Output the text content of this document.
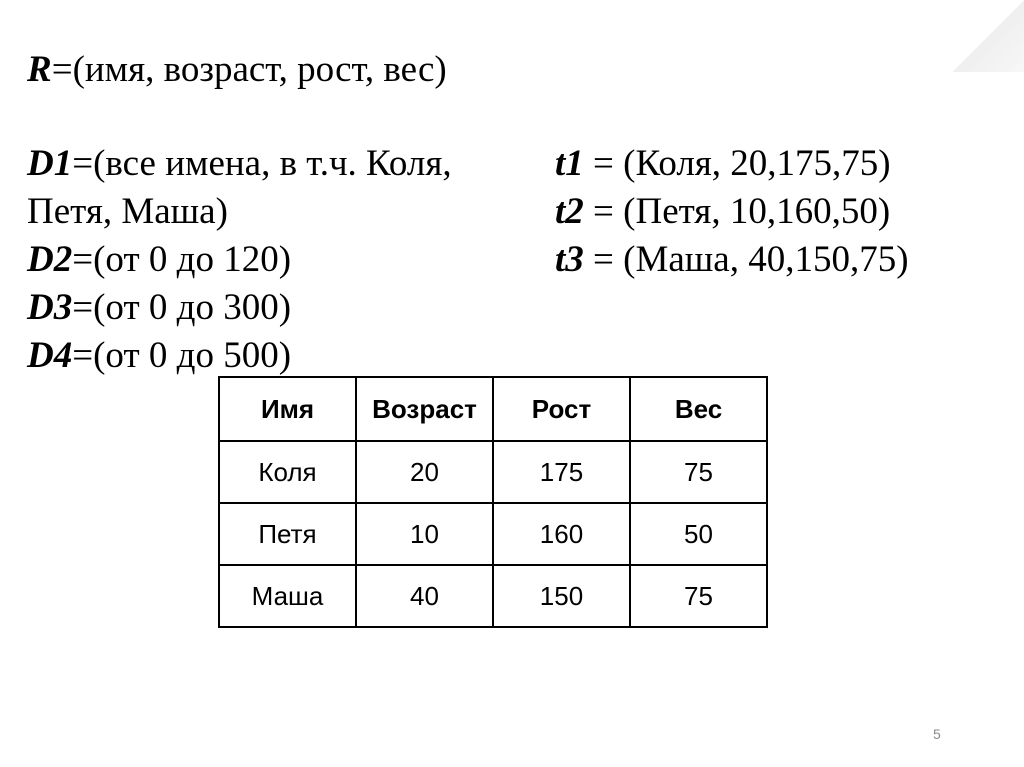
R=(имя, возраст, рост, вес)
D1=(все имена, в т.ч. Коля,
Петя, Маша)
D2=(от 0 до 120)
D3=(от 0 до 300)
D4=(от 0 до 500)
t1 = (Коля, 20,175,75)
t2 = (Петя, 10,160,50)
t3 = (Маша, 40,150,75)
Имя	Возраст	Рост	Вес
Коля	20	175	75
Петя	10	160	50
Маша	40	150	75
5
